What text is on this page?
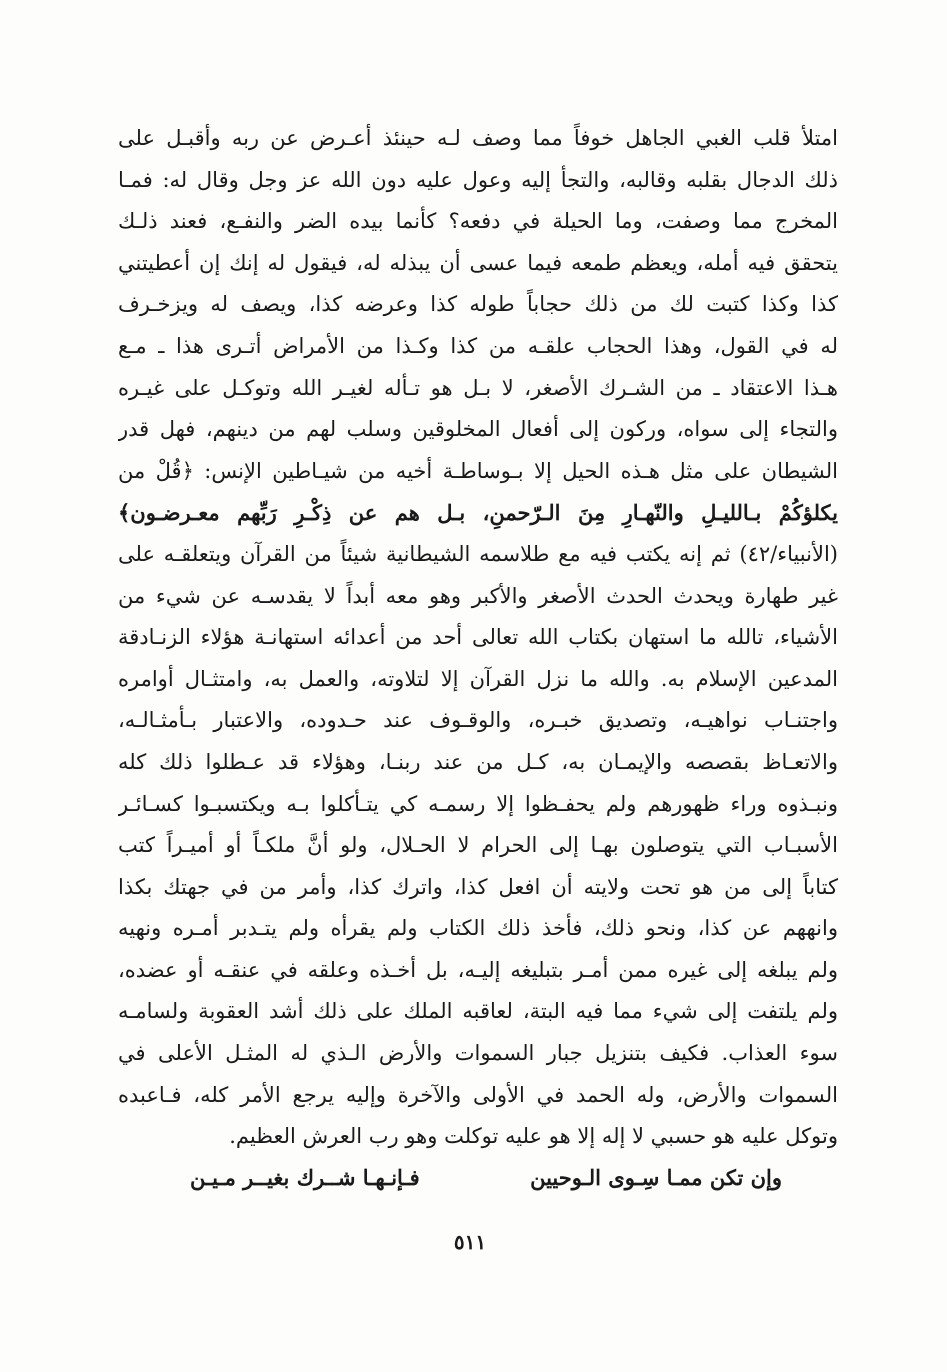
امتلأ قلب الغبي الجاهل خوفاً مما وصف لـه حينئذ أعـرض عن ربه وأقبـل على
ذلك الدجال بقلبه وقالبه، والتجأ إليه وعول عليه دون الله عز وجل وقال له: فمـا
المخرج مما وصفت، وما الحيلة في دفعه؟ كأنما بيده الضر والنفـع، فعند ذلـك
يتحقق فيه أمله، ويعظم طمعه فيما عسى أن يبذله له، فيقول له إنك إن أعطيتني
كذا وكذا كتبت لك من ذلك حجاباً طوله كذا وعرضه كذا، ويصف له ويزخـرف
له في القول، وهذا الحجاب علقـه من كذا وكـذا من الأمراض أتـرى هذا ـ مـع
هـذا الاعتقاد ـ من الشـرك الأصغر، لا بـل هو تـأله لغيـر الله وتوكـل على غيـره
والتجاء إلى سواه، وركون إلى أفعال المخلوقين وسلب لهم من دينهم، فهل قدر
الشيطان على مثل هـذه الحيل إلا بـوساطـة أخيه من شيـاطين الإنس: ﴿قُلْ من
يكلؤكُمْ بـالليـلِ والنّهـارِ مِنَ الـرّحمنِ، بـل هم عن ذِكْـرِ رَبِّهم معـرضـون﴾
(الأنبياء/٤٢) ثم إنه يكتب فيه مع طلاسمه الشيطانية شيئاً من القرآن ويتعلقـه على
غير طهارة ويحدث الحدث الأصغر والأكبر وهو معه أبداً لا يقدسـه عن شيء من
الأشياء، تالله ما استهان بكتاب الله تعالى أحد من أعدائه استهانـة هؤلاء الزنـادقة
المدعين الإسلام به. والله ما نزل القرآن إلا لتلاوته، والعمل به، وامتثـال أوامره
واجتنـاب نواهيـه، وتصديق خبـره، والوقـوف عند حـدوده، والاعتبار بـأمثـالـه،
والاتعـاظ بقصصه والإيمـان به، كـل من عند ربنـا، وهؤلاء قد عـطلوا ذلك كله
ونبـذوه وراء ظهورهم ولم يحفـظوا إلا رسمـه كي يتـأكلوا بـه ويكتسبـوا كسـائـر
الأسبـاب التي يتوصلون بهـا إلى الحرام لا الحـلال، ولو أنَّ ملكـاً أو أميـراً كتب
كتاباً إلى من هو تحت ولايته أن افعل كذا، واترك كذا، وأمر من في جهتك بكذا
وانههم عن كذا، ونحو ذلك، فأخذ ذلك الكتاب ولم يقرأه ولم يتـدبر أمـره ونهيه
ولم يبلغه إلى غيره ممن أمـر بتبليغه إليـه، بل أخـذه وعلقه في عنقـه أو عضده،
ولم يلتفت إلى شيء مما فيه البتة، لعاقبه الملك على ذلك أشد العقوبة ولسامـه
سوء العذاب. فكيف بتنزيل جبار السموات والأرض الـذي له المثـل الأعلى في
السموات والأرض، وله الحمد في الأولى والآخرة وإليه يرجع الأمر كله، فـاعبده
وتوكل عليه هو حسبي لا إله إلا هو عليه توكلت وهو رب العرش العظيم.
وإن تكن ممـا سِـوى الـوحيين
فـإنـهـا شــرك بغيــر مـيـن
٥١١
